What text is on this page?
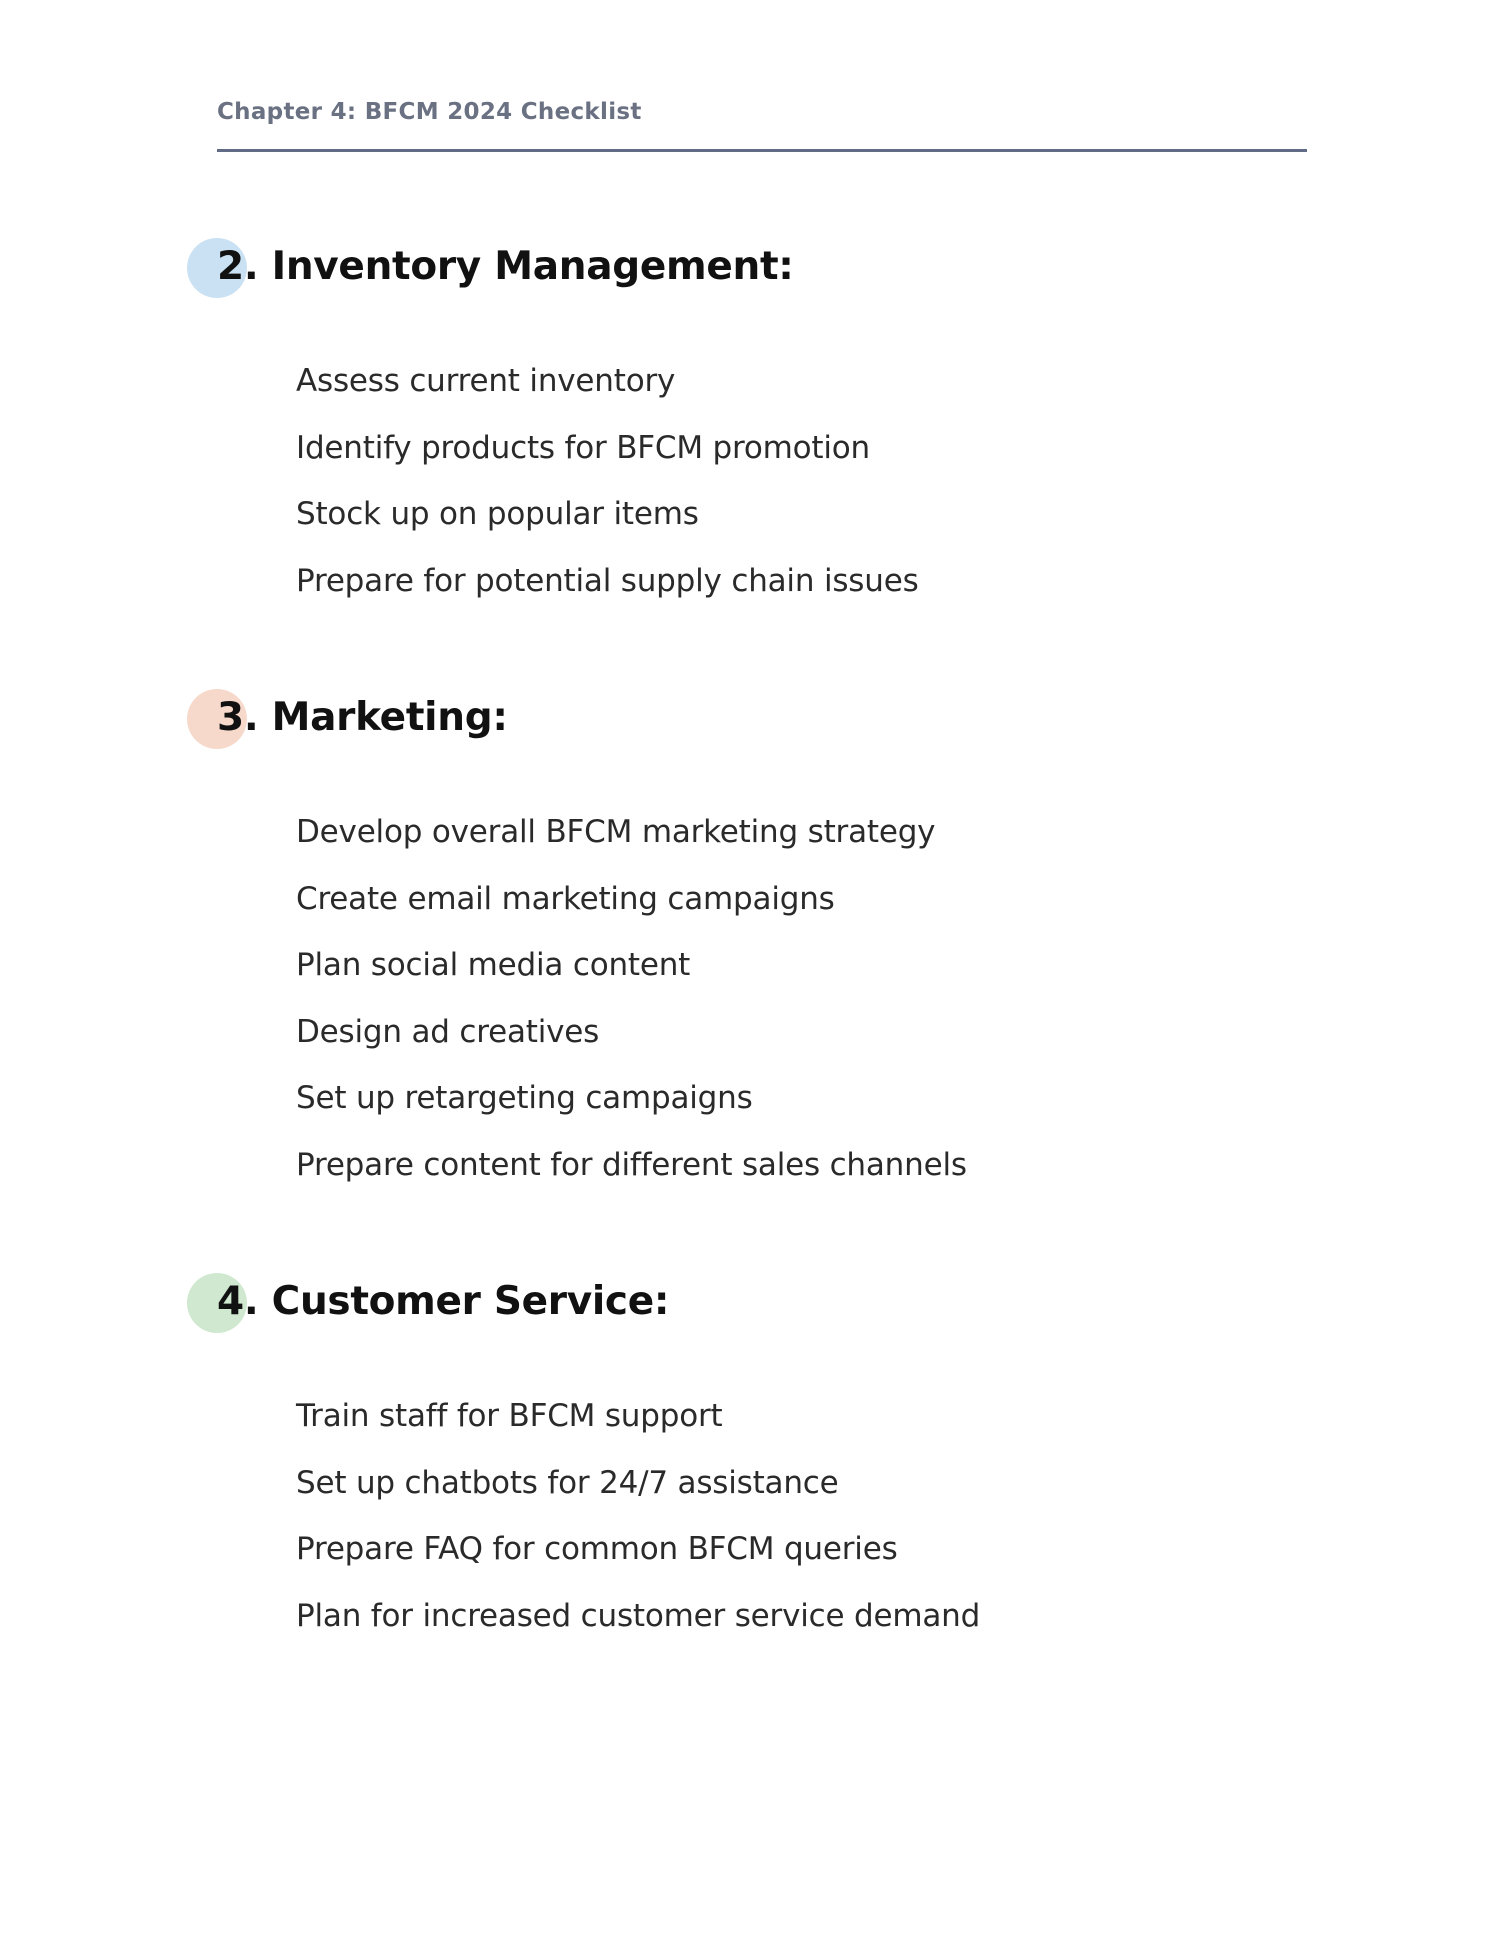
Chapter 4: BFCM 2024 Checklist
2. Inventory Management:
Assess current inventory
Identify products for BFCM promotion
Stock up on popular items
Prepare for potential supply chain issues
3. Marketing:
Develop overall BFCM marketing strategy
Create email marketing campaigns
Plan social media content
Design ad creatives
Set up retargeting campaigns
Prepare content for different sales channels
4. Customer Service:
Train staff for BFCM support
Set up chatbots for 24/7 assistance
Prepare FAQ for common BFCM queries
Plan for increased customer service demand
